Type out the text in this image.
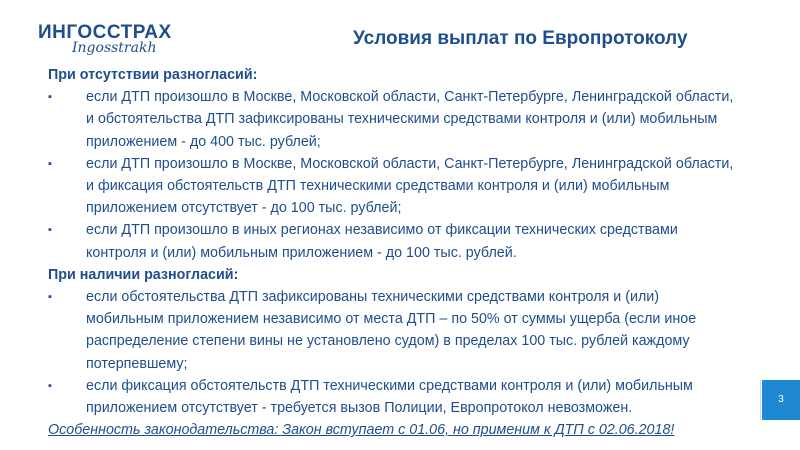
ИНГОССТРАХ
Ingosstrakh	Условия выплат по Европротоколу

При отсутствии разногласий:

▪	если ДТП произошло в Москве, Московской области, Санкт-Петербурге, Ленинградской области, и обстоятельства ДТП зафиксированы техническими средствами контроля и (или) мобильным приложением - до 400 тыс. рублей;
▪	если ДТП произошло в Москве, Московской области, Санкт-Петербурге, Ленинградской области, и фиксация обстоятельств ДТП техническими средствами контроля и (или) мобильным приложением отсутствует - до 100 тыс. рублей;
▪	если ДТП произошло в иных регионах независимо от фиксации технических средствами контроля и (или) мобильным приложением - до 100 тыс. рублей.

При наличии разногласий:

▪	если обстоятельства ДТП зафиксированы техническими средствами контроля и (или) мобильным приложением независимо от места ДТП – по 50% от суммы ущерба (если иное распределение степени вины не установлено судом) в пределах 100 тыс. рублей каждому потерпевшему;
▪	если фиксация обстоятельств ДТП техническими средствами контроля и (или) мобильным приложением отсутствует - требуется вызов Полиции, Европротокол невозможен.
Особенность законодательства: Закон вступает с 01.06, но применим к ДТП с 02.06.2018!
3
